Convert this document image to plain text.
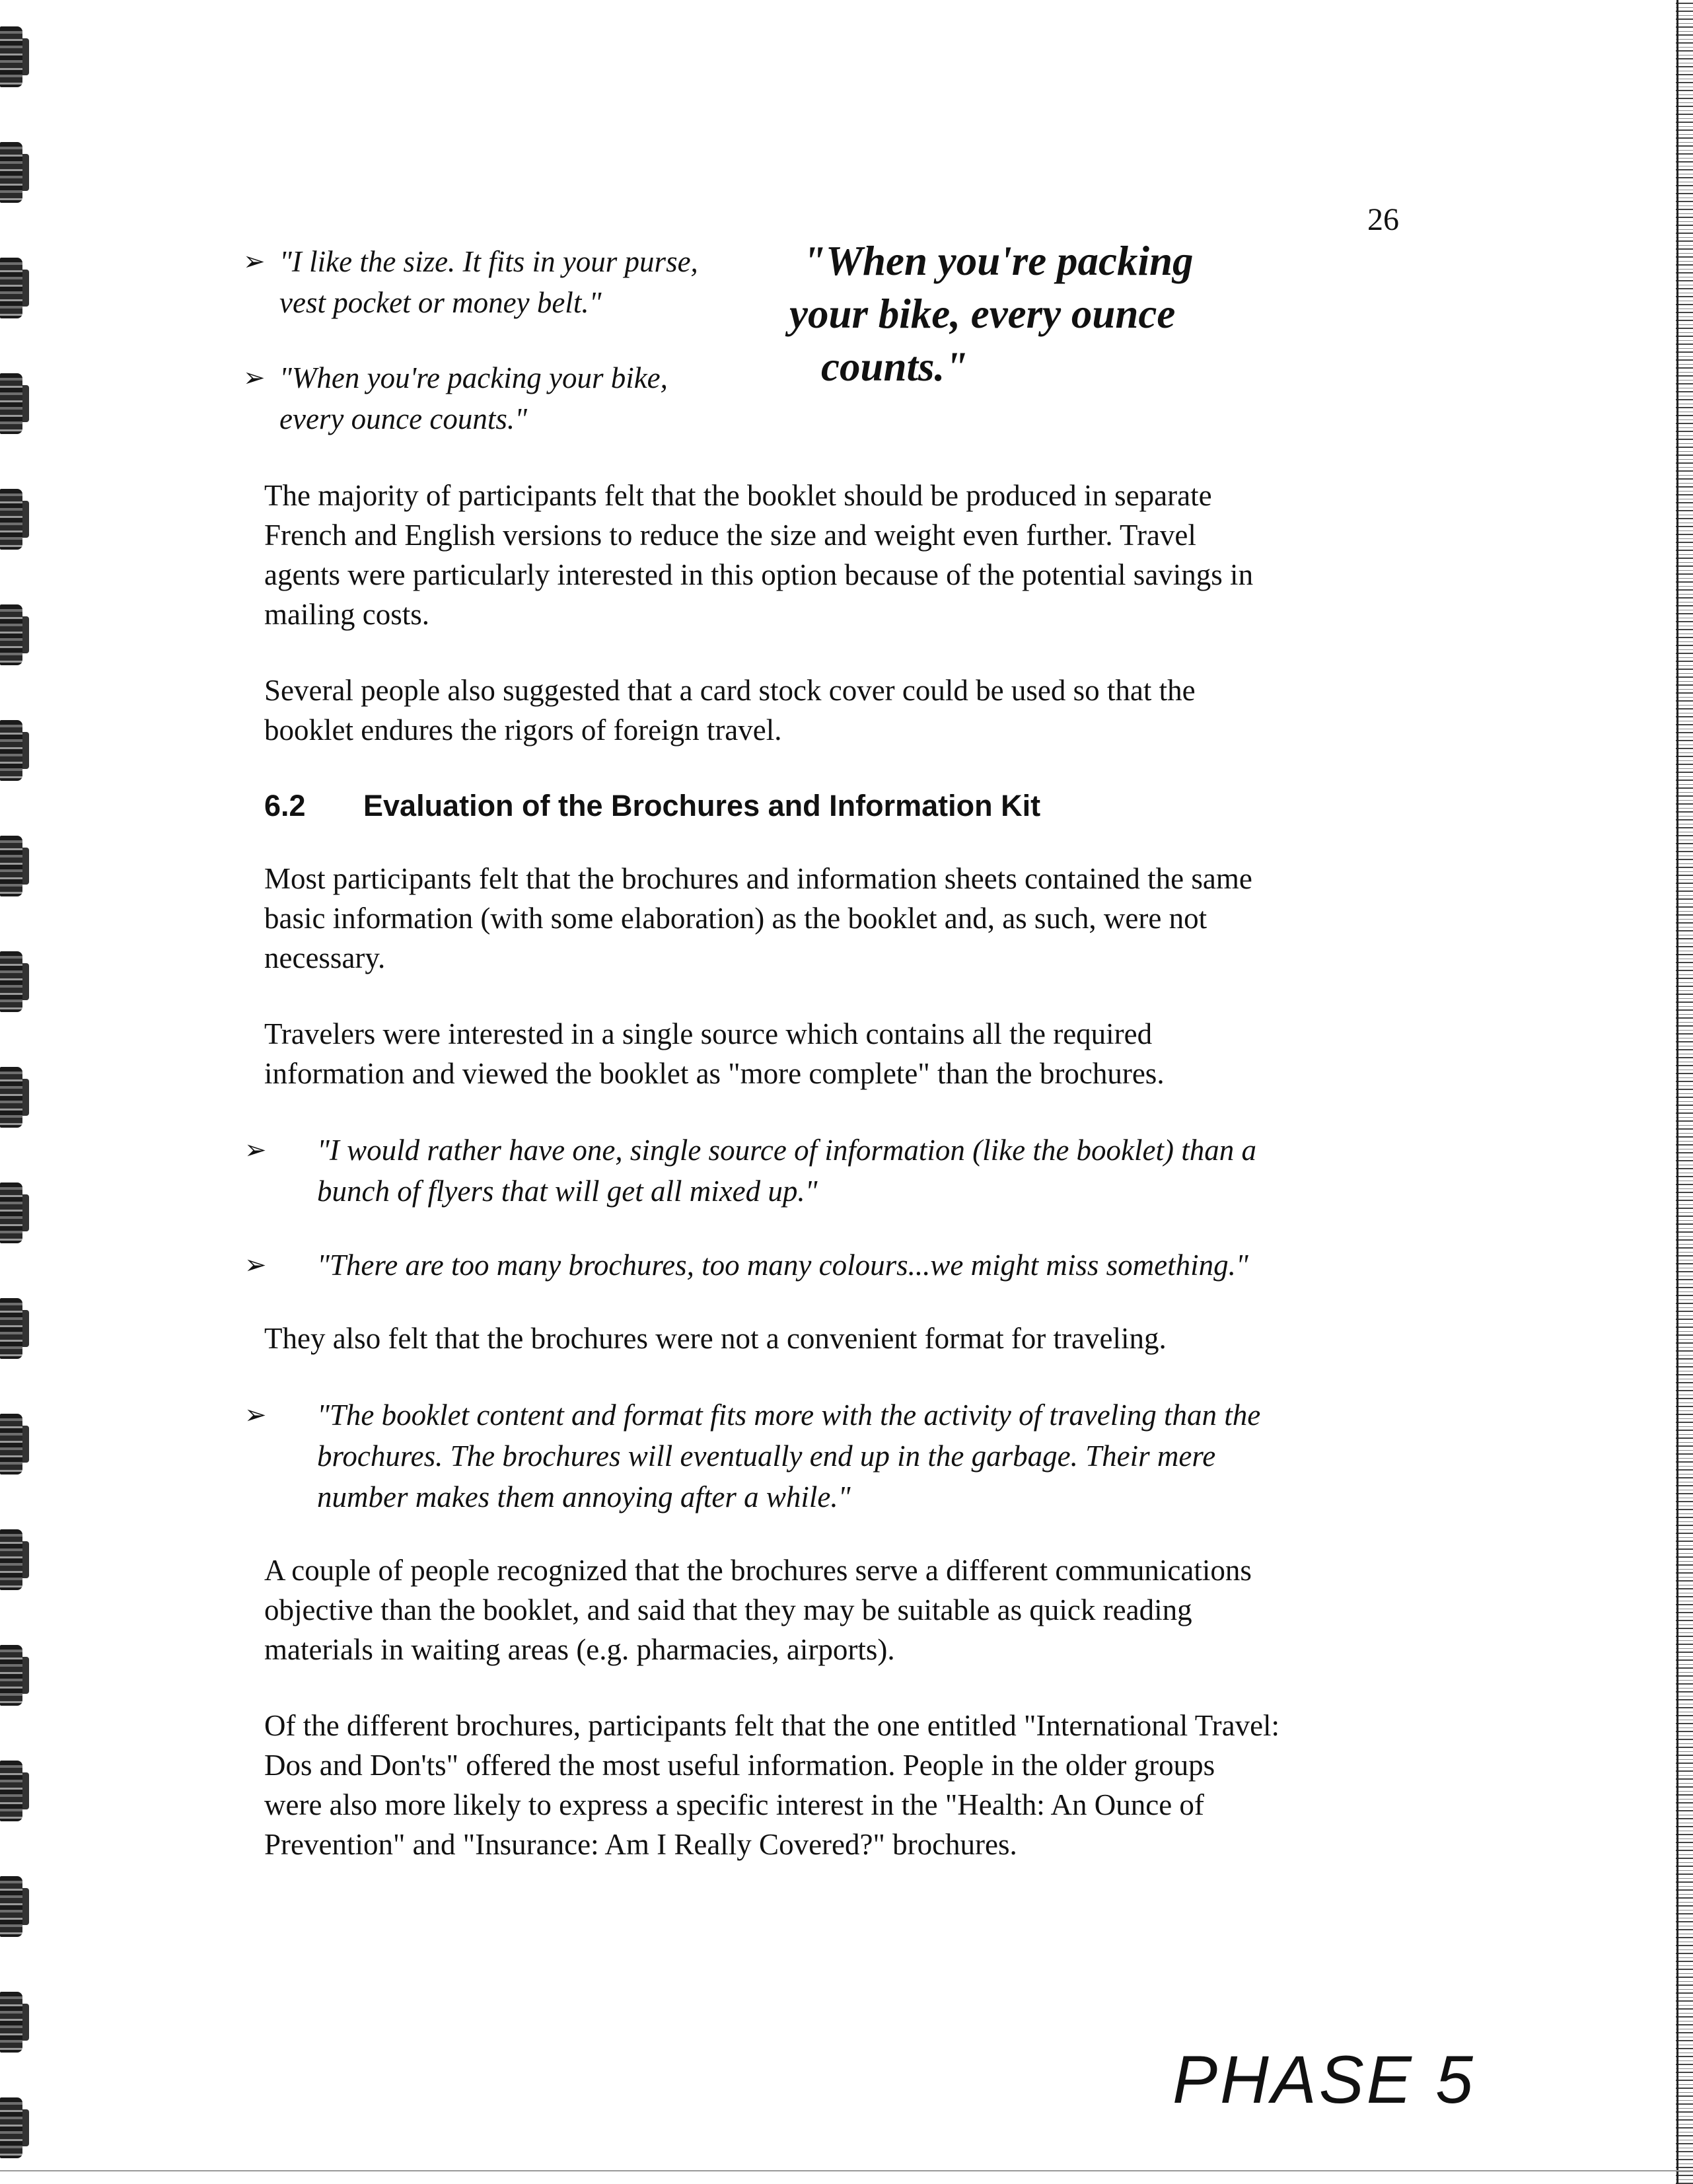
26
➢ "I like the size. It fits in your purse,
vest pocket or money belt."
➢ "When you're packing your bike,
every ounce counts."
"When you're packing
your bike, every ounce
counts."
The majority of participants felt that the booklet should be produced in separate
French and English versions to reduce the size and weight even further. Travel
agents were particularly interested in this option because of the potential savings in
mailing costs.
Several people also suggested that a card stock cover could be used so that the
booklet endures the rigors of foreign travel.
6.2	Evaluation of the Brochures and Information Kit
Most participants felt that the brochures and information sheets contained the same
basic information (with some elaboration) as the booklet and, as such, were not
necessary.
Travelers were interested in a single source which contains all the required
information and viewed the booklet as "more complete" than the brochures.
➢	"I would rather have one, single source of information (like the booklet) than a
bunch of flyers that will get all mixed up."
➢	"There are too many brochures, too many colours...we might miss something."
They also felt that the brochures were not a convenient format for traveling.
➢	"The booklet content and format fits more with the activity of traveling than the
brochures. The brochures will eventually end up in the garbage. Their mere
number makes them annoying after a while."
A couple of people recognized that the brochures serve a different communications
objective than the booklet, and said that they may be suitable as quick reading
materials in waiting areas (e.g. pharmacies, airports).
Of the different brochures, participants felt that the one entitled "International Travel:
Dos and Don'ts" offered the most useful information. People in the older groups
were also more likely to express a specific interest in the "Health: An Ounce of
Prevention" and "Insurance: Am I Really Covered?" brochures.
PHASE 5
